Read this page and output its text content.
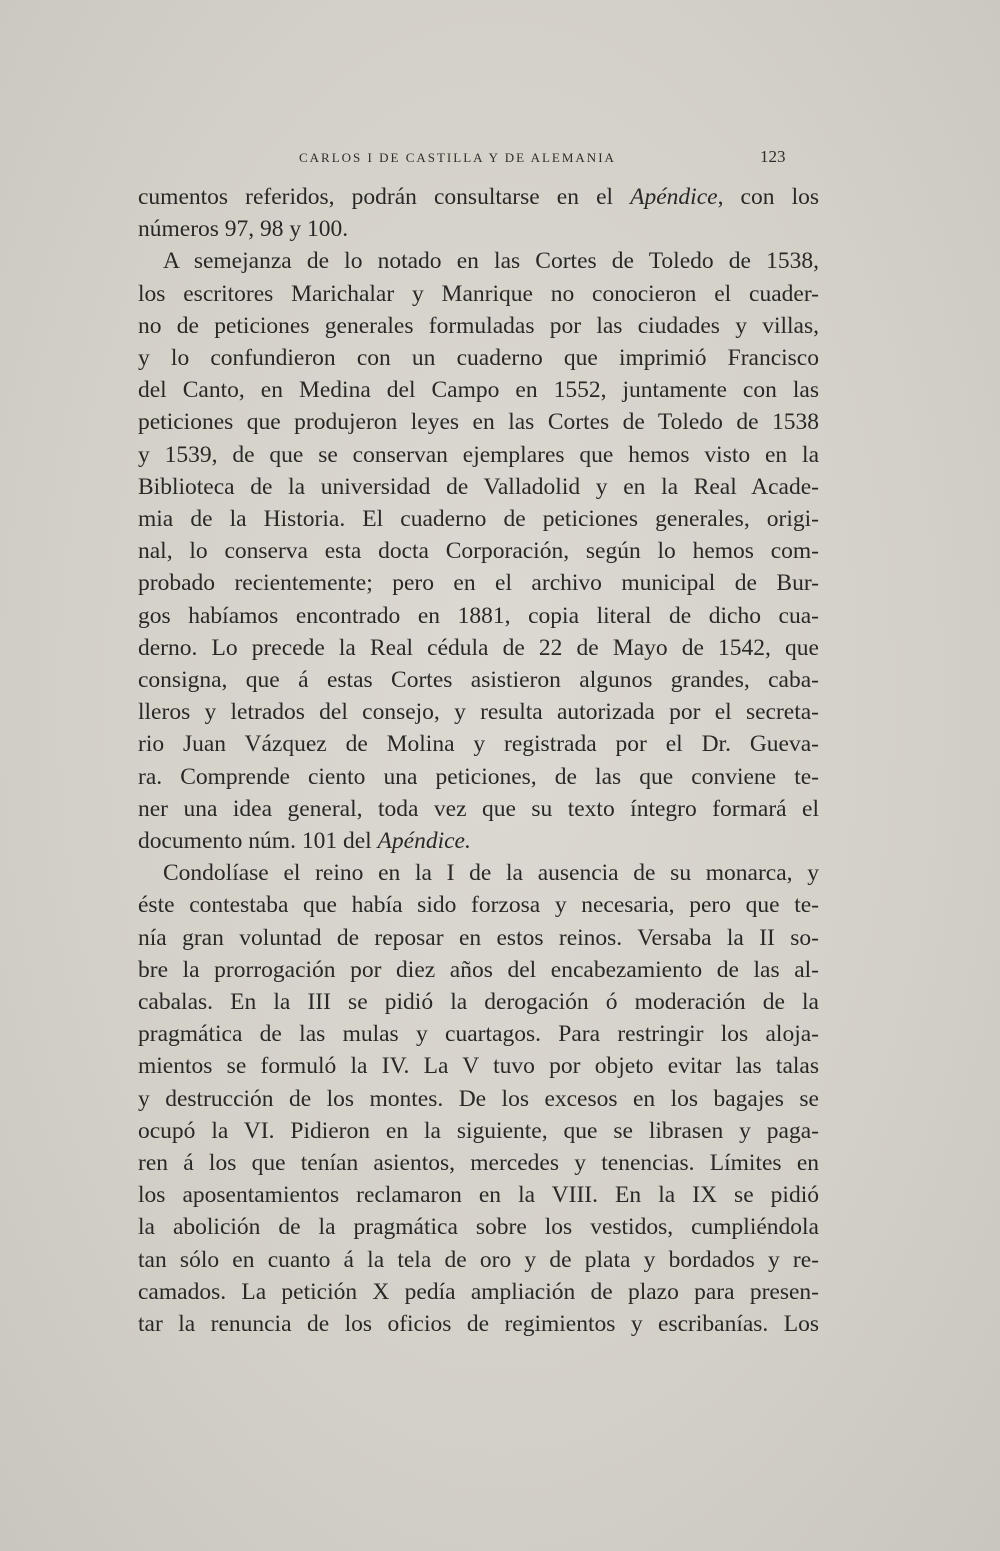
CARLOS I DE CASTILLA Y DE ALEMANIA	123
cumentos referidos, podrán consultarse en el Apéndice, con los
números 97, 98 y 100.
A semejanza de lo notado en las Cortes de Toledo de 1538,
los escritores Marichalar y Manrique no conocieron el cuader-
no de peticiones generales formuladas por las ciudades y villas,
y lo confundieron con un cuaderno que imprimió Francisco
del Canto, en Medina del Campo en 1552, juntamente con las
peticiones que produjeron leyes en las Cortes de Toledo de 1538
y 1539, de que se conservan ejemplares que hemos visto en la
Biblioteca de la universidad de Valladolid y en la Real Acade-
mia de la Historia. El cuaderno de peticiones generales, origi-
nal, lo conserva esta docta Corporación, según lo hemos com-
probado recientemente; pero en el archivo municipal de Bur-
gos habíamos encontrado en 1881, copia literal de dicho cua-
derno. Lo precede la Real cédula de 22 de Mayo de 1542, que
consigna, que á estas Cortes asistieron algunos grandes, caba-
lleros y letrados del consejo, y resulta autorizada por el secreta-
rio Juan Vázquez de Molina y registrada por el Dr. Gueva-
ra. Comprende ciento una peticiones, de las que conviene te-
ner una idea general, toda vez que su texto íntegro formará el
documento núm. 101 del Apéndice.
Condolíase el reino en la I de la ausencia de su monarca, y
éste contestaba que había sido forzosa y necesaria, pero que te-
nía gran voluntad de reposar en estos reinos. Versaba la II so-
bre la prorrogación por diez años del encabezamiento de las al-
cabalas. En la III se pidió la derogación ó moderación de la
pragmática de las mulas y cuartagos. Para restringir los aloja-
mientos se formuló la IV. La V tuvo por objeto evitar las talas
y destrucción de los montes. De los excesos en los bagajes se
ocupó la VI. Pidieron en la siguiente, que se librasen y paga-
ren á los que tenían asientos, mercedes y tenencias. Límites en
los aposentamientos reclamaron en la VIII. En la IX se pidió
la abolición de la pragmática sobre los vestidos, cumpliéndola
tan sólo en cuanto á la tela de oro y de plata y bordados y re-
camados. La petición X pedía ampliación de plazo para presen-
tar la renuncia de los oficios de regimientos y escribanías. Los
